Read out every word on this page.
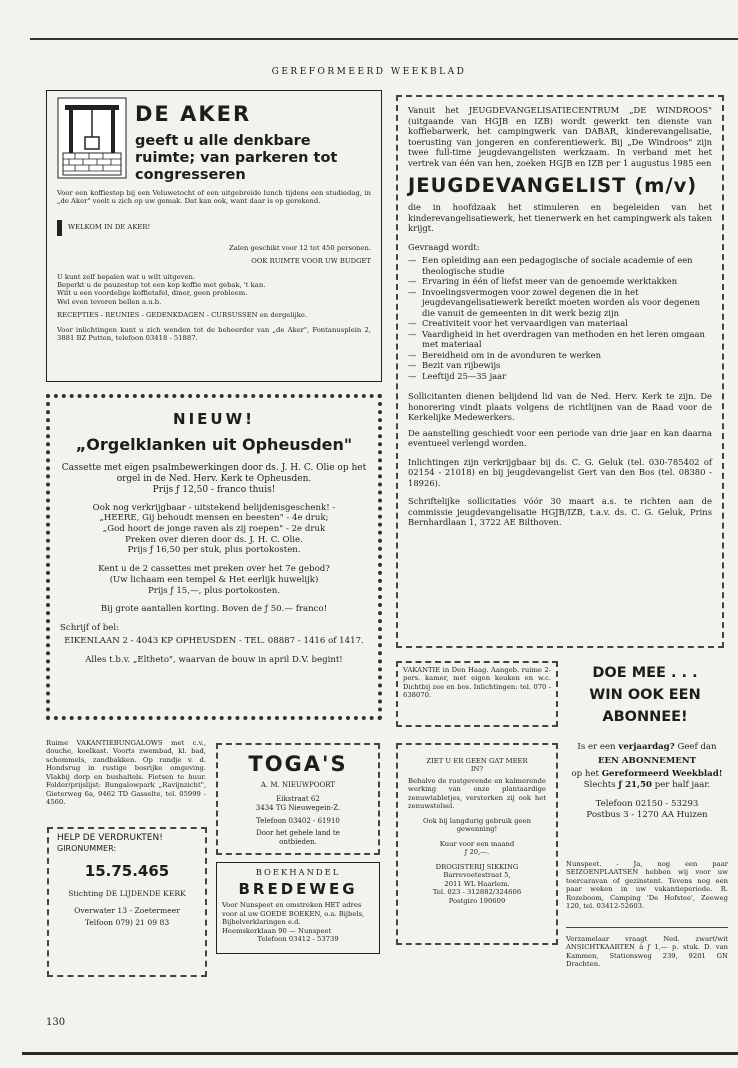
GEREFORMEERD WEEKBLAD
DE AKER
geeft u alle denkbare ruimte; van parkeren tot congresseren

Voor een koffiestop bij een Veluwetocht of een uitgebreide lunch tijdens een studiedag, in „de Aker" voelt u zich op uw gemak. Dat kan ook, want daar is op gerekend.

WELKOM IN DE AKER!

Zalen geschikt voor 12 tot 450 personen.

OOK RUIMTE VOOR UW BUDGET

U kunt zelf bepalen wat u wilt uitgeven.

Beperkt u de pauzestop tot een kop koffie met gebak, 't kan.

Wilt u een voordelige koffietafel, diner, geen probleem.

Wel even tevoren bellen a.u.b.

RECEPTIES - REUNIES - GEDENKDAGEN - CURSUSSEN en dergelijke.

Voor inlichtingen kunt u zich wenden tot de beheerder van „de Aker", Fontanusplein 2, 3881 BZ Putten, telefoon 03418 - 51887.

NIEUW!
„Orgelklanken uit Opheusden"

Cassette met eigen psalmbewerkingen door ds. J. H. C. Olie op het orgel in de Ned. Herv. Kerk te Opheusden.

Prijs ƒ 12,50 - franco thuis!

Ook nog verkrijgbaar - uitstekend belijdenisgeschenk! -

„HEERE, Gij behoudt mensen en beesten" - 4e druk;

„God hoort de jonge raven als zij roepen" - 2e druk

Preken over dieren door ds. J. H. C. Olie.

Prijs ƒ 16,50 per stuk, plus portokosten.

Kent u de 2 cassettes met preken over het 7e gebod?

(Uw lichaam een tempel & Het eerlijk huwelijk)

Prijs ƒ 15,—, plus portokosten.

Bij grote aantallen korting. Boven de ƒ 50.— franco!

Schrijf of bel:

EIKENLAAN 2 - 4043 KP OPHEUSDEN - TEL. 08887 - 1416 of 1417.

Alles t.b.v. „Eltheto", waarvan de bouw in april D.V. begint!

Vanuit het JEUGDEVANGELISATIECENTRUM „DE WINDROOS" (uitgaande van HGJB en IZB) wordt gewerkt ten dienste van koffiebarwerk, het campingwerk van DABAR, kinderevangelisatie, toerusting van jongeren en conferentiewerk. Bij „De Windroos" zijn twee full-time jeugdevangelisten werkzaam. In verband met het vertrek van één van hen, zoeken HGJB en IZB per 1 augustus 1985 een

JEUGDEVANGELIST (m/v)

die in hoofdzaak het stimuleren en begeleiden van het kinderevangelisatiewerk, het tienerwerk en het campingwerk als taken krijgt.

Gevraagd wordt:

— Een opleiding aan een pedagogische of sociale academie of een theologische studie
— Ervaring in één of liefst meer van de genoemde werktakken
— Invoelingsvermogen voor zowel degenen die in het jeugdevangelisatiewerk bereikt moeten worden als voor degenen die vanuit de gemeenten in dit werk bezig zijn
— Creativiteit voor het vervaardigen van materiaal
— Vaardigheid in het overdragen van methoden en het leren omgaan met materiaal
— Bereidheid om in de avonduren te werken
— Bezit van rijbewijs
— Leeftijd 25—35 jaar

Sollicitanten dienen belijdend lid van de Ned. Herv. Kerk te zijn. De honorering vindt plaats volgens de richtlijnen van de Raad voor de Kerkelijke Medewerkers.

De aanstelling geschiedt voor een periode van drie jaar en kan daarna eventueel verlengd worden.

Inlichtingen zijn verkrijgbaar bij ds. C. G. Geluk (tel. 030-785402 of 02154 - 21018) en bij jeugdevangelist Gert van den Bos (tel. 08380 - 18926).

Schriftelijke sollicitaties vóór 30 maart a.s. te richten aan de commissie jeugdevangelisatie HGJB/IZB, t.a.v. ds. C. G. Geluk, Prins Bernhardlaan 1, 3722 AE Bilthoven.

VAKANTIE in Den Haag. Aangeb. ruime 2-pers. kamer, met eigen keuken en w.c. Dichtbij zee en bos. Inlichtingen: tel. 070 - 638070.

DOE MEE . . .
WIN OOK EEN
ABONNEE!

Ruime VAKANTIEBUNGALOWS met c.v., douche, koelkast. Voorts zwembad, kl. bad, schommels, zandbakken. Op randje v. d. Hondsrug in rustige bosrijke omgeving. Vlakbij dorp en bushaltels. Fietsen te huur. Folder/prijslijst: Bungalowpark „Ravijnzicht", Gieterweg 6a, 9462 TD Gasselte, tel. 05999 - 4560.

HELP DE VERDRUKTEN!

GIRONUMMER:

15.75.465

Stichting DE LIJDENDE KERK

Overwater 13 - Zoetermeer

Telfoon 079) 21 09 83

TOGA'S

A. M. NIEUWPOORT

Eikstraat 62

3434 TG Nieuwegein-Z.

Telefoon 03402 - 61910

Door het gehele land te ontbieden.

BOEKHANDEL

BREDEWEG

Voor Nunspeet en omstreken HET adres voor al uw GOEDE BOEKEN, o.a. Bijbels, Bijbelverklaringen e.d.

Heemskerklaan 90 — Nunspeet

Telefoon 03412 - 53739

ZIET U ER GEEN GAT MEER IN?

Behalve de rustgevende en kalmerende werking van onze plantaardige zenuwtabletjes, versterken zij ook het zenuwstelsel.

Ook bij langdurig gebruik geen gewenning!

Kuur voor een maand

ƒ 20,—.

DROGISTERIJ SIKKING

Barrevoetestraat 5,

2011 WL Haarlem.

Tel. 023 - 312882/324606

Postgiro 190609

Is er een verjaardag? Geef dan

EEN ABONNEMENT

op het Gereformeerd Weekblad!

Slechts ƒ 21,50 per half jaar.

Telefoon 02150 - 53293

Postbus 3 - 1270 AA Huizen

Nunspeet. - Ja, nog een paar SEIZOENPLAATSEN hebben wij voor uw toercaravan of gezinstent. Tevens nog een paar weken in uw vakantieperiode. R. Rozeboom, Camping 'De Hofstee', Zeeweg 120, tel. 03412-52603.

Verzamelaar vraagt Ned. zwart/wit ANSICHTKAARTEN à ƒ 1,— p. stuk. D. van Kammen, Stationsweg 239, 9201 GN Drachten.

130
